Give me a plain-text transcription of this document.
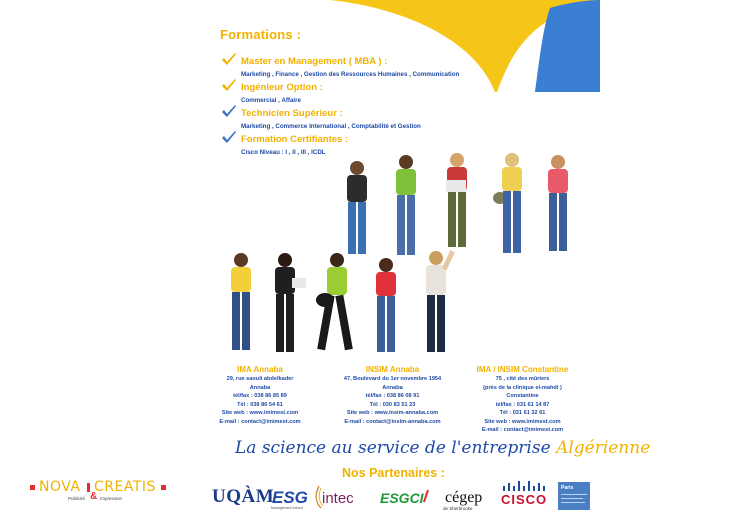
Formations :
Master en Management ( MBA ) :
Marketing , Finance , Gestion des Ressources Humaines , Communication
Ingénieur Option :
Commercial , Affaire
Technicien Supérieur :
Marketing , Commerce International , Comptabilité et Gestion
Formation Certifiantes :
Cisco Niveau : I , II , III , ICDL
IMA Annaba
29, rue saouli abdelkader
Annaba
tél/fax : 038 86 85 89
Tél : 038 86 54 61
Site web : www.imimest.com
E-mail : contact@imimest.com
INSIM Annaba
47, Boulevard du 1er novembre 1954
Annaba
tél/fax : 038 86 08 91
Tél : 030 83 51 23
Site web : www.insim-annaba.com
E-mail : contact@insim-annaba.com
IMA / INSIM Constantine
75 , cité des mûriers
(près de la clinique el-mahdi )
Constantine
tél/fax : 031 61 14 87
Tél : 031 61 32 61
Site web : www.imimest.com
E-mail : contact@imimest.com
La science au service de l'entreprise Algérienne
Nos Partenaires :
UQÀM
ESG
Management School
intec ESGCI cégep
de Sherbrooke
CISCO
Paris
NOVA CREATIS
Publicité & Impression
